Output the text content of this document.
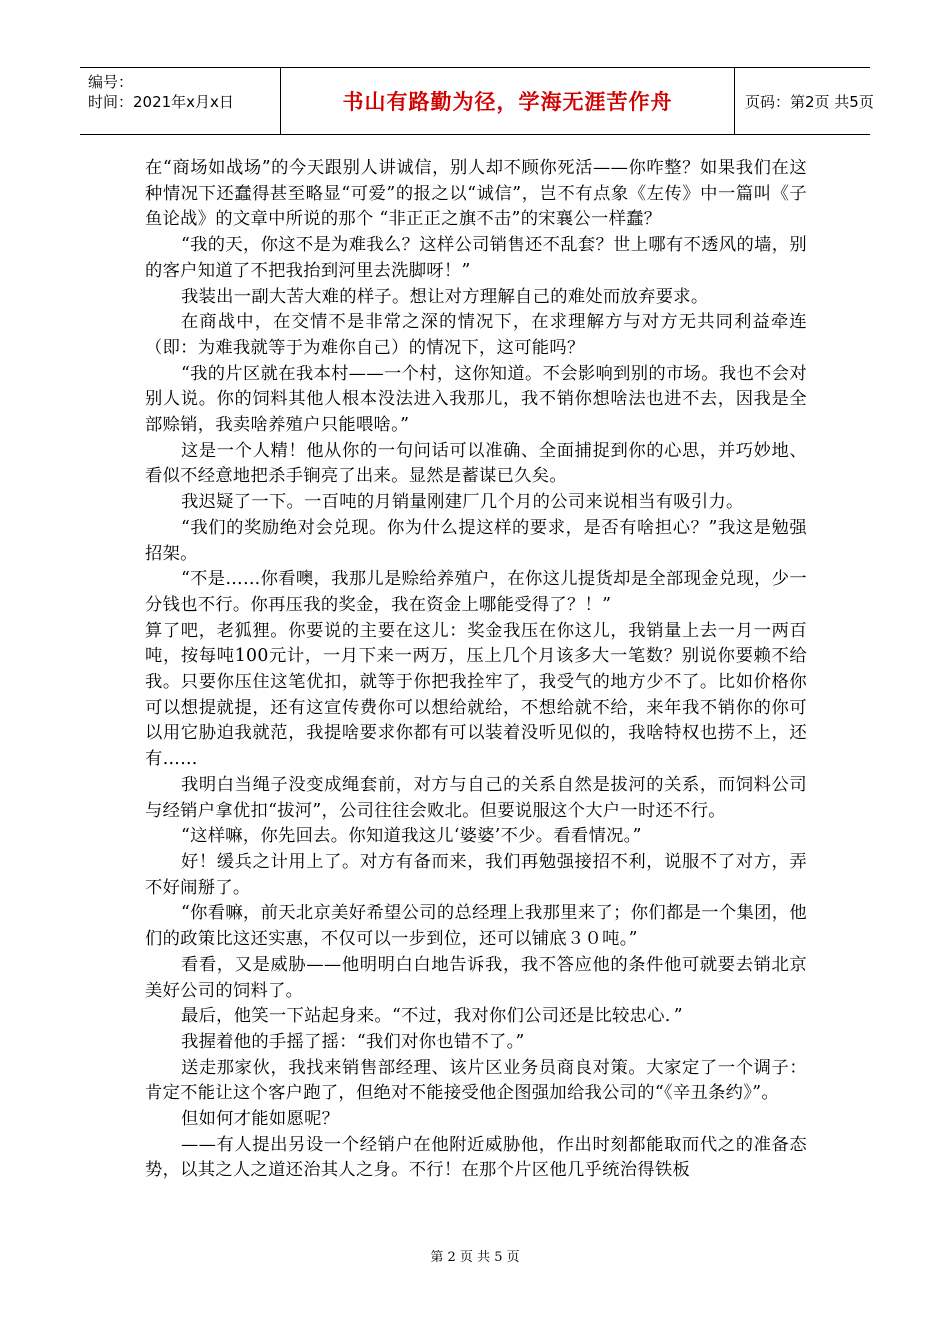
编号：
时间：2021年x月x日	书山有路勤为径，学海无涯苦作舟	页码：第2页 共5页

在“商场如战场”的今天跟别人讲诚信，别人却不顾你死活——你咋整？如果我们在这种情况下还蠢得甚至略显“可爱”的报之以“诚信”，岂不有点象《左传》中一篇叫《子鱼论战》的文章中所说的那个 “非正正之旗不击”的宋襄公一样蠢？

“我的天，你这不是为难我么？这样公司销售还不乱套？世上哪有不透风的墙，别的客户知道了不把我抬到河里去洗脚呀！”

我装出一副大苦大难的样子。想让对方理解自己的难处而放弃要求。

在商战中，在交情不是非常之深的情况下，在求理解方与对方无共同利益牵连（即：为难我就等于为难你自己）的情况下，这可能吗？

“我的片区就在我本村——一个村，这你知道。不会影响到别的市场。我也不会对别人说。你的饲料其他人根本没法进入我那儿，我不销你想啥法也进不去，因我是全部赊销，我卖啥养殖户只能喂啥。”

这是一个人精！他从你的一句问话可以准确、全面捕捉到你的心思，并巧妙地、看似不经意地把杀手锏亮了出来。显然是蓄谋已久矣。

我迟疑了一下。一百吨的月销量刚建厂几个月的公司来说相当有吸引力。

“我们的奖励绝对会兑现。你为什么提这样的要求，是否有啥担心？”我这是勉强招架。

“不是……你看噢，我那儿是赊给养殖户，在你这儿提货却是全部现金兑现，少一分钱也不行。你再压我的奖金，我在资金上哪能受得了？！”

算了吧，老狐狸。你要说的主要在这儿：奖金我压在你这儿，我销量上去一月一两百吨，按每吨100元计，一月下来一两万，压上几个月该多大一笔数？别说你要赖不给我。只要你压住这笔优扣，就等于你把我拴牢了，我受气的地方少不了。比如价格你可以想提就提，还有这宣传费你可以想给就给，不想给就不给，来年我不销你的你可以用它胁迫我就范，我提啥要求你都有可以装着没听见似的，我啥特权也捞不上，还有……

我明白当绳子没变成绳套前，对方与自己的关系自然是拔河的关系，而饲料公司与经销户拿优扣“拔河”，公司往往会败北。但要说服这个大户一时还不行。

“这样嘛，你先回去。你知道我这儿‘婆婆’不少。看看情况。”

好！缓兵之计用上了。对方有备而来，我们再勉强接招不利，说服不了对方，弄不好闹掰了。

“你看嘛，前天北京美好希望公司的总经理上我那里来了；你们都是一个集团，他们的政策比这还实惠，不仅可以一步到位，还可以铺底３０吨。”

看看，又是威胁——他明明白白地告诉我，我不答应他的条件他可就要去销北京美好公司的饲料了。

最后，他笑一下站起身来。“不过，我对你们公司还是比较忠心．”

我握着他的手摇了摇：“我们对你也错不了。”

送走那家伙，我找来销售部经理、该片区业务员商良对策。大家定了一个调子：肯定不能让这个客户跑了，但绝对不能接受他企图强加给我公司的“《辛丑条约》”。

但如何才能如愿呢？

——有人提出另设一个经销户在他附近威胁他，作出时刻都能取而代之的准备态势，以其之人之道还治其人之身。不行！在那个片区他几乎统治得铁板

第 2 页 共 5 页
